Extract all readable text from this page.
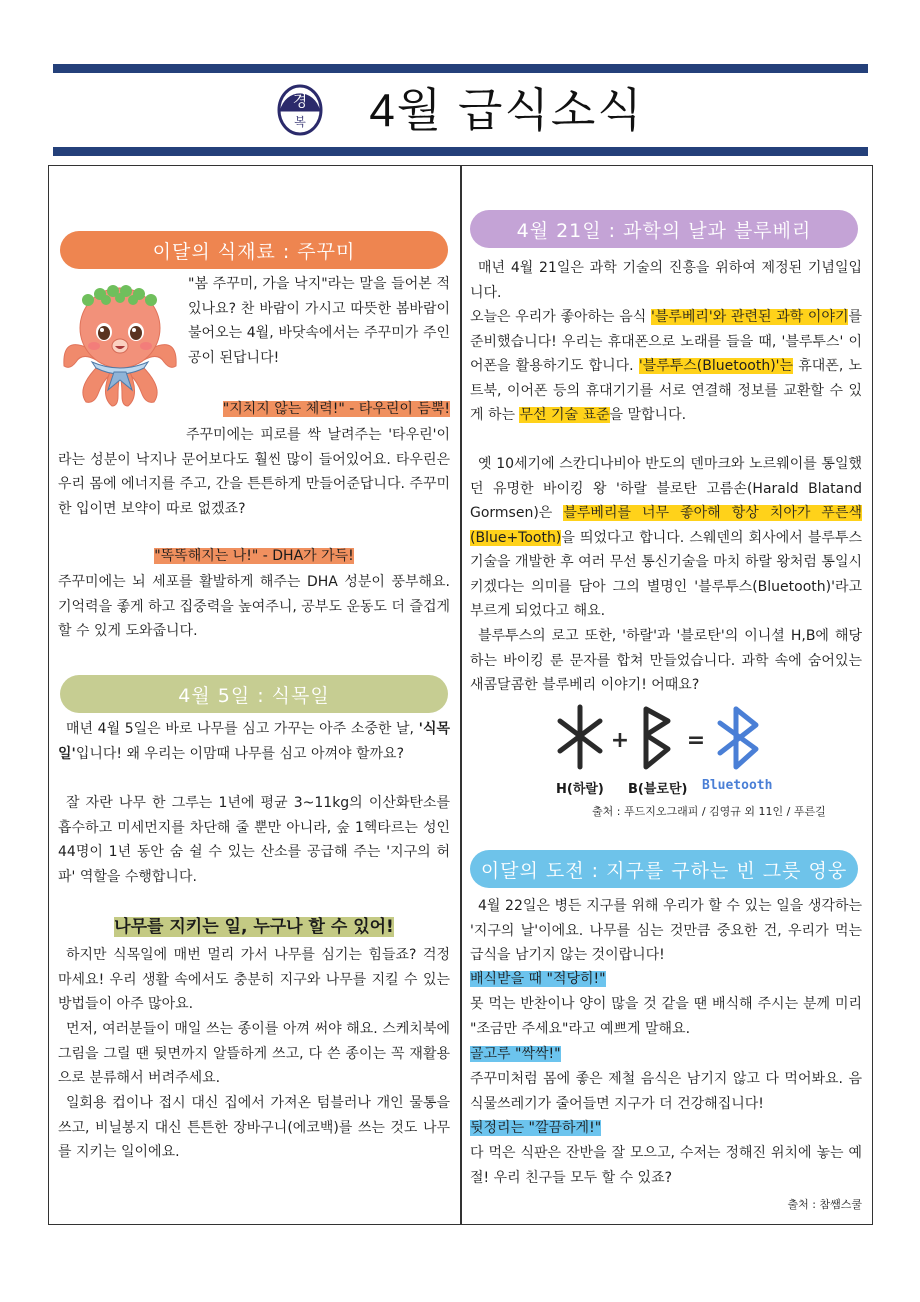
경
복 4월 급식소식
이달의 식재료 : 주꾸미
"봄 주꾸미, 가을 낙지"라는 말을 들어본 적 있나요? 찬 바람이 가시고 따뜻한 봄바람이 불어오는 4월, 바닷속에서는 주꾸미가 주인공이 된답니다!
"지치지 않는 체력!" - 타우린이 듬뿍!
주꾸미에는 피로를 싹 날려주는 '타우린'이라는 성분이 낙지나 문어보다도 훨씬 많이 들어있어요. 타우린은 우리 몸에 에너지를 주고, 간을 튼튼하게 만들어준답니다. 주꾸미 한 입이면 보약이 따로 없겠죠?
"똑똑해지는 나!" - DHA가 가득!
주꾸미에는 뇌 세포를 활발하게 해주는 DHA 성분이 풍부해요. 기억력을 좋게 하고 집중력을 높여주니, 공부도 운동도 더 즐겁게 할 수 있게 도와줍니다.
4월 5일 : 식목일
매년 4월 5일은 바로 나무를 심고 가꾸는 아주 소중한 날, '식목일'입니다! 왜 우리는 이맘때 나무를 심고 아껴야 할까요?
잘 자란 나무 한 그루는 1년에 평균 3~11kg의 이산화탄소를 흡수하고 미세먼지를 차단해 줄 뿐만 아니라, 숲 1헥타르는 성인 44명이 1년 동안 숨 쉴 수 있는 산소를 공급해 주는 '지구의 허파' 역할을 수행합니다.
나무를 지키는 일, 누구나 할 수 있어!
하지만 식목일에 매번 멀리 가서 나무를 심기는 힘들죠? 걱정 마세요! 우리 생활 속에서도 충분히 지구와 나무를 지킬 수 있는 방법들이 아주 많아요.
먼저, 여러분들이 매일 쓰는 종이를 아껴 써야 해요. 스케치북에 그림을 그릴 땐 뒷면까지 알뜰하게 쓰고, 다 쓴 종이는 꼭 재활용으로 분류해서 버려주세요.
일회용 컵이나 접시 대신 집에서 가져온 텀블러나 개인 물통을 쓰고, 비닐봉지 대신 튼튼한 장바구니(에코백)를 쓰는 것도 나무를 지키는 일이에요.
4월 21일 : 과학의 날과 블루베리
매년 4월 21일은 과학 기술의 진흥을 위하여 제정된 기념일입니다.
오늘은 우리가 좋아하는 음식 '블루베리'와 관련된 과학 이야기를 준비했습니다! 우리는 휴대폰으로 노래를 들을 때, '블루투스' 이어폰을 활용하기도 합니다. '블루투스(Bluetooth)'는 휴대폰, 노트북, 이어폰 등의 휴대기기를 서로 연결해 정보를 교환할 수 있게 하는 무선 기술 표준을 말합니다.
옛 10세기에 스칸디나비아 반도의 덴마크와 노르웨이를 통일했던 유명한 바이킹 왕 '하랄 블로탄 고름손(Harald Blatand Gormsen)은 블루베리를 너무 좋아해 항상 치아가 푸른색 (Blue+Tooth)을 띄었다고 합니다. 스웨덴의 회사에서 블루투스 기술을 개발한 후 여러 무선 통신기술을 마치 하랄 왕처럼 통일시키겠다는 의미를 담아 그의 별명인 '블루투스(Bluetooth)'라고 부르게 되었다고 해요.
블루투스의 로고 또한, '하랄'과 '블로탄'의 이니셜 H,B에 해당하는 바이킹 룬 문자를 합쳐 만들었습니다. 과학 속에 숨어있는 새콤달콤한 블루베리 이야기! 어때요?
+	=
H(하랄) B(블로탄) Bluetooth
출처 : 푸드지오그래피 / 김영규 외 11인 / 푸른길
이달의 도전 : 지구를 구하는 빈 그릇 영웅
4월 22일은 병든 지구를 위해 우리가 할 수 있는 일을 생각하는 '지구의 날'이에요. 나무를 심는 것만큼 중요한 건, 우리가 먹는 급식을 남기지 않는 것이랍니다!
배식받을 때 "적당히!"
못 먹는 반찬이나 양이 많을 것 같을 땐 배식해 주시는 분께 미리 "조금만 주세요"라고 예쁘게 말해요.
골고루 "싹싹!"
주꾸미처럼 몸에 좋은 제철 음식은 남기지 않고 다 먹어봐요. 음식물쓰레기가 줄어들면 지구가 더 건강해집니다!
뒷정리는 "깔끔하게!"
다 먹은 식판은 잔반을 잘 모으고, 수저는 정해진 위치에 놓는 예절! 우리 친구들 모두 할 수 있죠?
출처 : 참쌤스쿨
